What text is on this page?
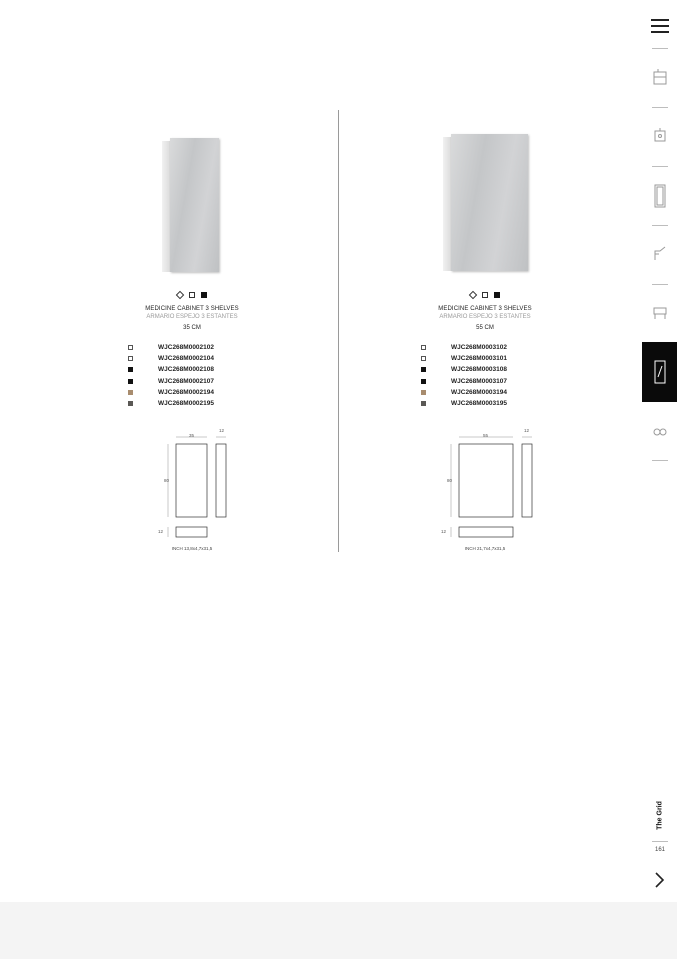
MEDICINE CABINET 3 SHELVES
ARMARIO ESPEJO 3 ESTANTES
35 CM
WJC268M0002102
WJC268M0002104
WJC268M0002108
WJC268M0002107
WJC268M0002194
WJC268M0002195
35
12
80
12
INCH 13,8x4,7x31,5

MEDICINE CABINET 3 SHELVES
ARMARIO ESPEJO 3 ESTANTES
55 CM
WJC268M0003102
WJC268M0003101
WJC268M0003108
WJC268M0003107
WJC268M0003194
WJC268M0003195
55
12
80
12
INCH 21,7x4,7x31,5
The Grid
161
